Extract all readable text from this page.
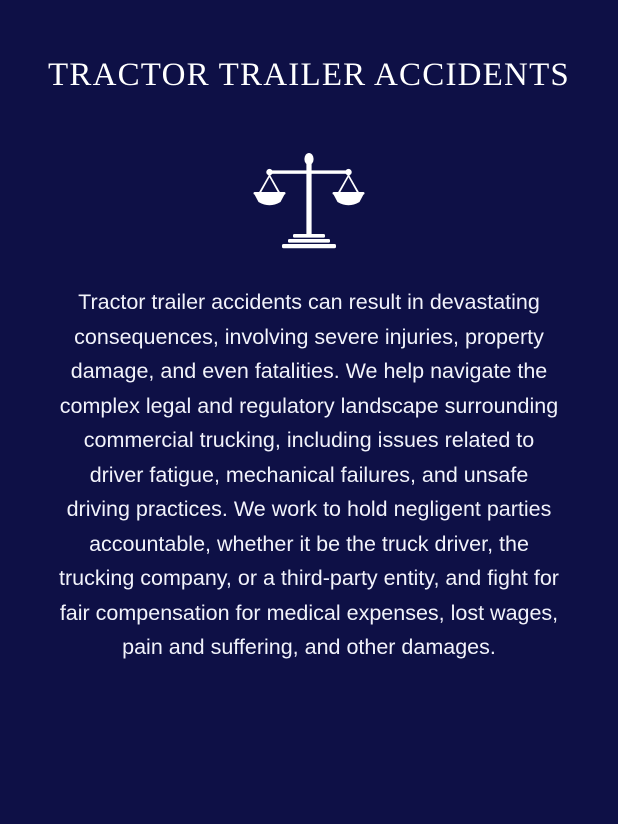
TRACTOR TRAILER ACCIDENTS

Tractor trailer accidents can result in devastating consequences, involving severe injuries, property damage, and even fatalities. We help navigate the complex legal and regulatory landscape surrounding commercial trucking, including issues related to driver fatigue, mechanical failures, and unsafe driving practices. We work to hold negligent parties accountable, whether it be the truck driver, the trucking company, or a third-party entity, and fight for fair compensation for medical expenses, lost wages, pain and suffering, and other damages.
